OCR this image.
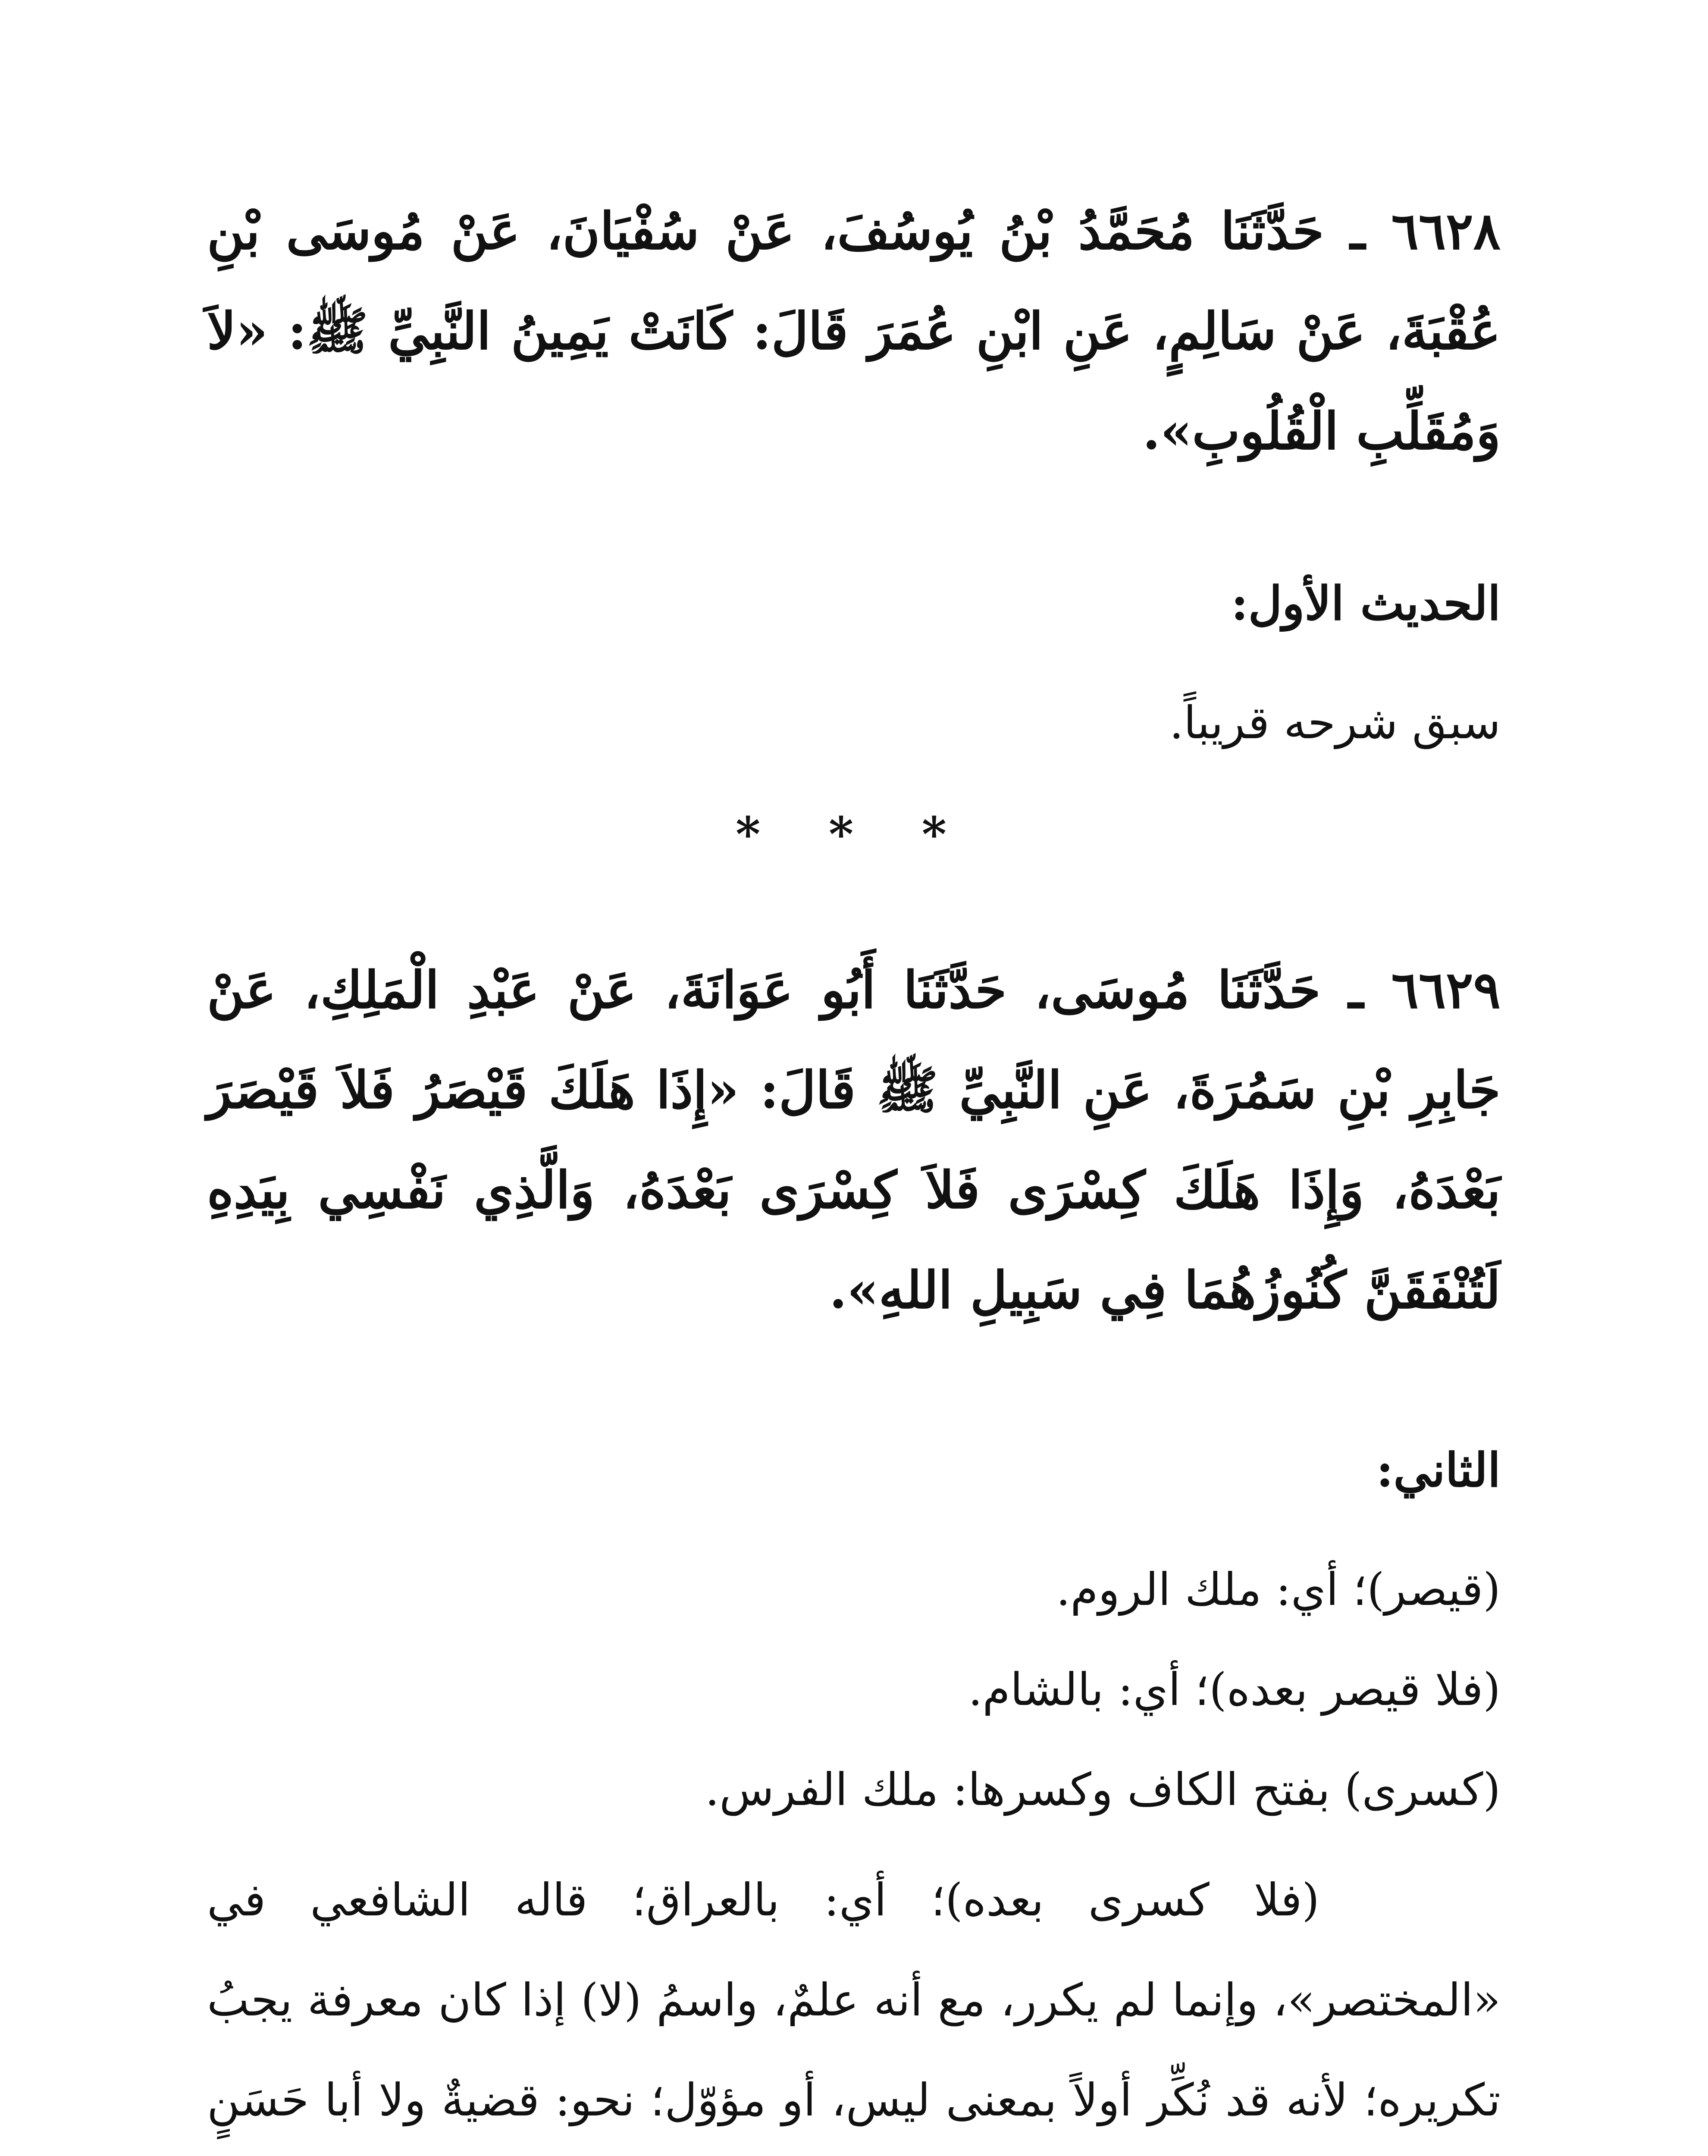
٦٦٢٨ ـ حَدَّثَنَا مُحَمَّدُ بْنُ يُوسُفَ، عَنْ سُفْيَانَ، عَنْ مُوسَى بْنِ عُقْبَةَ، عَنْ سَالِمٍ، عَنِ ابْنِ عُمَرَ قَالَ: كَانَتْ يَمِينُ النَّبِيِّ ﷺ: «لاَ وَمُقَلِّبِ الْقُلُوبِ».
الحديث الأول:
سبق شرحه قريباً.
* * *
٦٦٢٩ ـ حَدَّثَنَا مُوسَى، حَدَّثَنَا أَبُو عَوَانَةَ، عَنْ عَبْدِ الْمَلِكِ، عَنْ جَابِرِ بْنِ سَمُرَةَ، عَنِ النَّبِيِّ ﷺ قَالَ: «إِذَا هَلَكَ قَيْصَرُ فَلاَ قَيْصَرَ بَعْدَهُ، وَإِذَا هَلَكَ كِسْرَى فَلاَ كِسْرَى بَعْدَهُ، وَالَّذِي نَفْسِي بِيَدِهِ لَتُنْفَقَنَّ كُنُوزُهُمَا فِي سَبِيلِ اللهِ».
الثاني:
(قيصر)؛ أي: ملك الروم.
(فلا قيصر بعده)؛ أي: بالشام.
(كسرى) بفتح الكاف وكسرها: ملك الفرس.
(فلا كسرى بعده)؛ أي: بالعراق؛ قاله الشافعي في «المختصر»، وإنما لم يكرر، مع أنه علمٌ، واسمُ (لا) إذا كان معرفة يجبُ تكريره؛ لأنه قد نُكِّر أولاً بمعنى ليس، أو مؤوّل؛ نحو: قضيةٌ ولا أبا حَسَنٍ
